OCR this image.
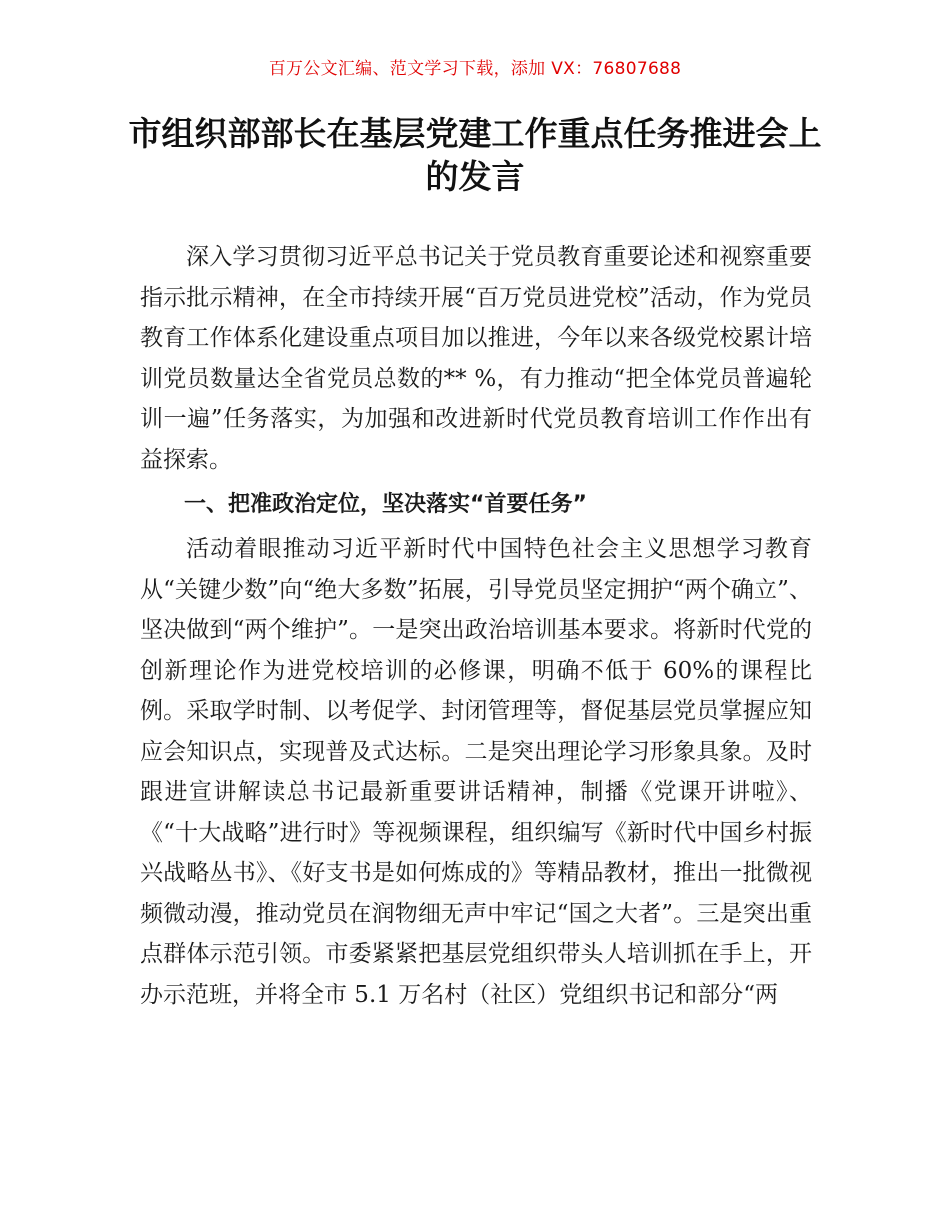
百万公文汇编、范文学习下载，添加 VX：76807688
市组织部部长在基层党建工作重点任务推进会上的发言

深入学习贯彻习近平总书记关于党员教育重要论述和视察重要指示批示精神，在全市持续开展“百万党员进党校”活动，作为党员教育工作体系化建设重点项目加以推进，今年以来各级党校累计培训党员数量达全省党员总数的** %，有力推动“把全体党员普遍轮训一遍”任务落实，为加强和改进新时代党员教育培训工作作出有益探索。

一、把准政治定位，坚决落实“首要任务”

活动着眼推动习近平新时代中国特色社会主义思想学习教育从“关键少数”向“绝大多数”拓展，引导党员坚定拥护“两个确立”、坚决做到“两个维护”。一是突出政治培训基本要求。将新时代党的创新理论作为进党校培训的必修课，明确不低于 60%的课程比例。采取学时制、以考促学、封闭管理等，督促基层党员掌握应知应会知识点，实现普及式达标。二是突出理论学习形象具象。及时跟进宣讲解读总书记最新重要讲话精神，制播《党课开讲啦》、《“十大战略”进行时》等视频课程，组织编写《新时代中国乡村振兴战略丛书》、《好支书是如何炼成的》等精品教材，推出一批微视频微动漫，推动党员在润物细无声中牢记“国之大者”。三是突出重点群体示范引领。市委紧紧把基层党组织带头人培训抓在手上，开办示范班，并将全市 5.1 万名村（社区）党组织书记和部分“两
